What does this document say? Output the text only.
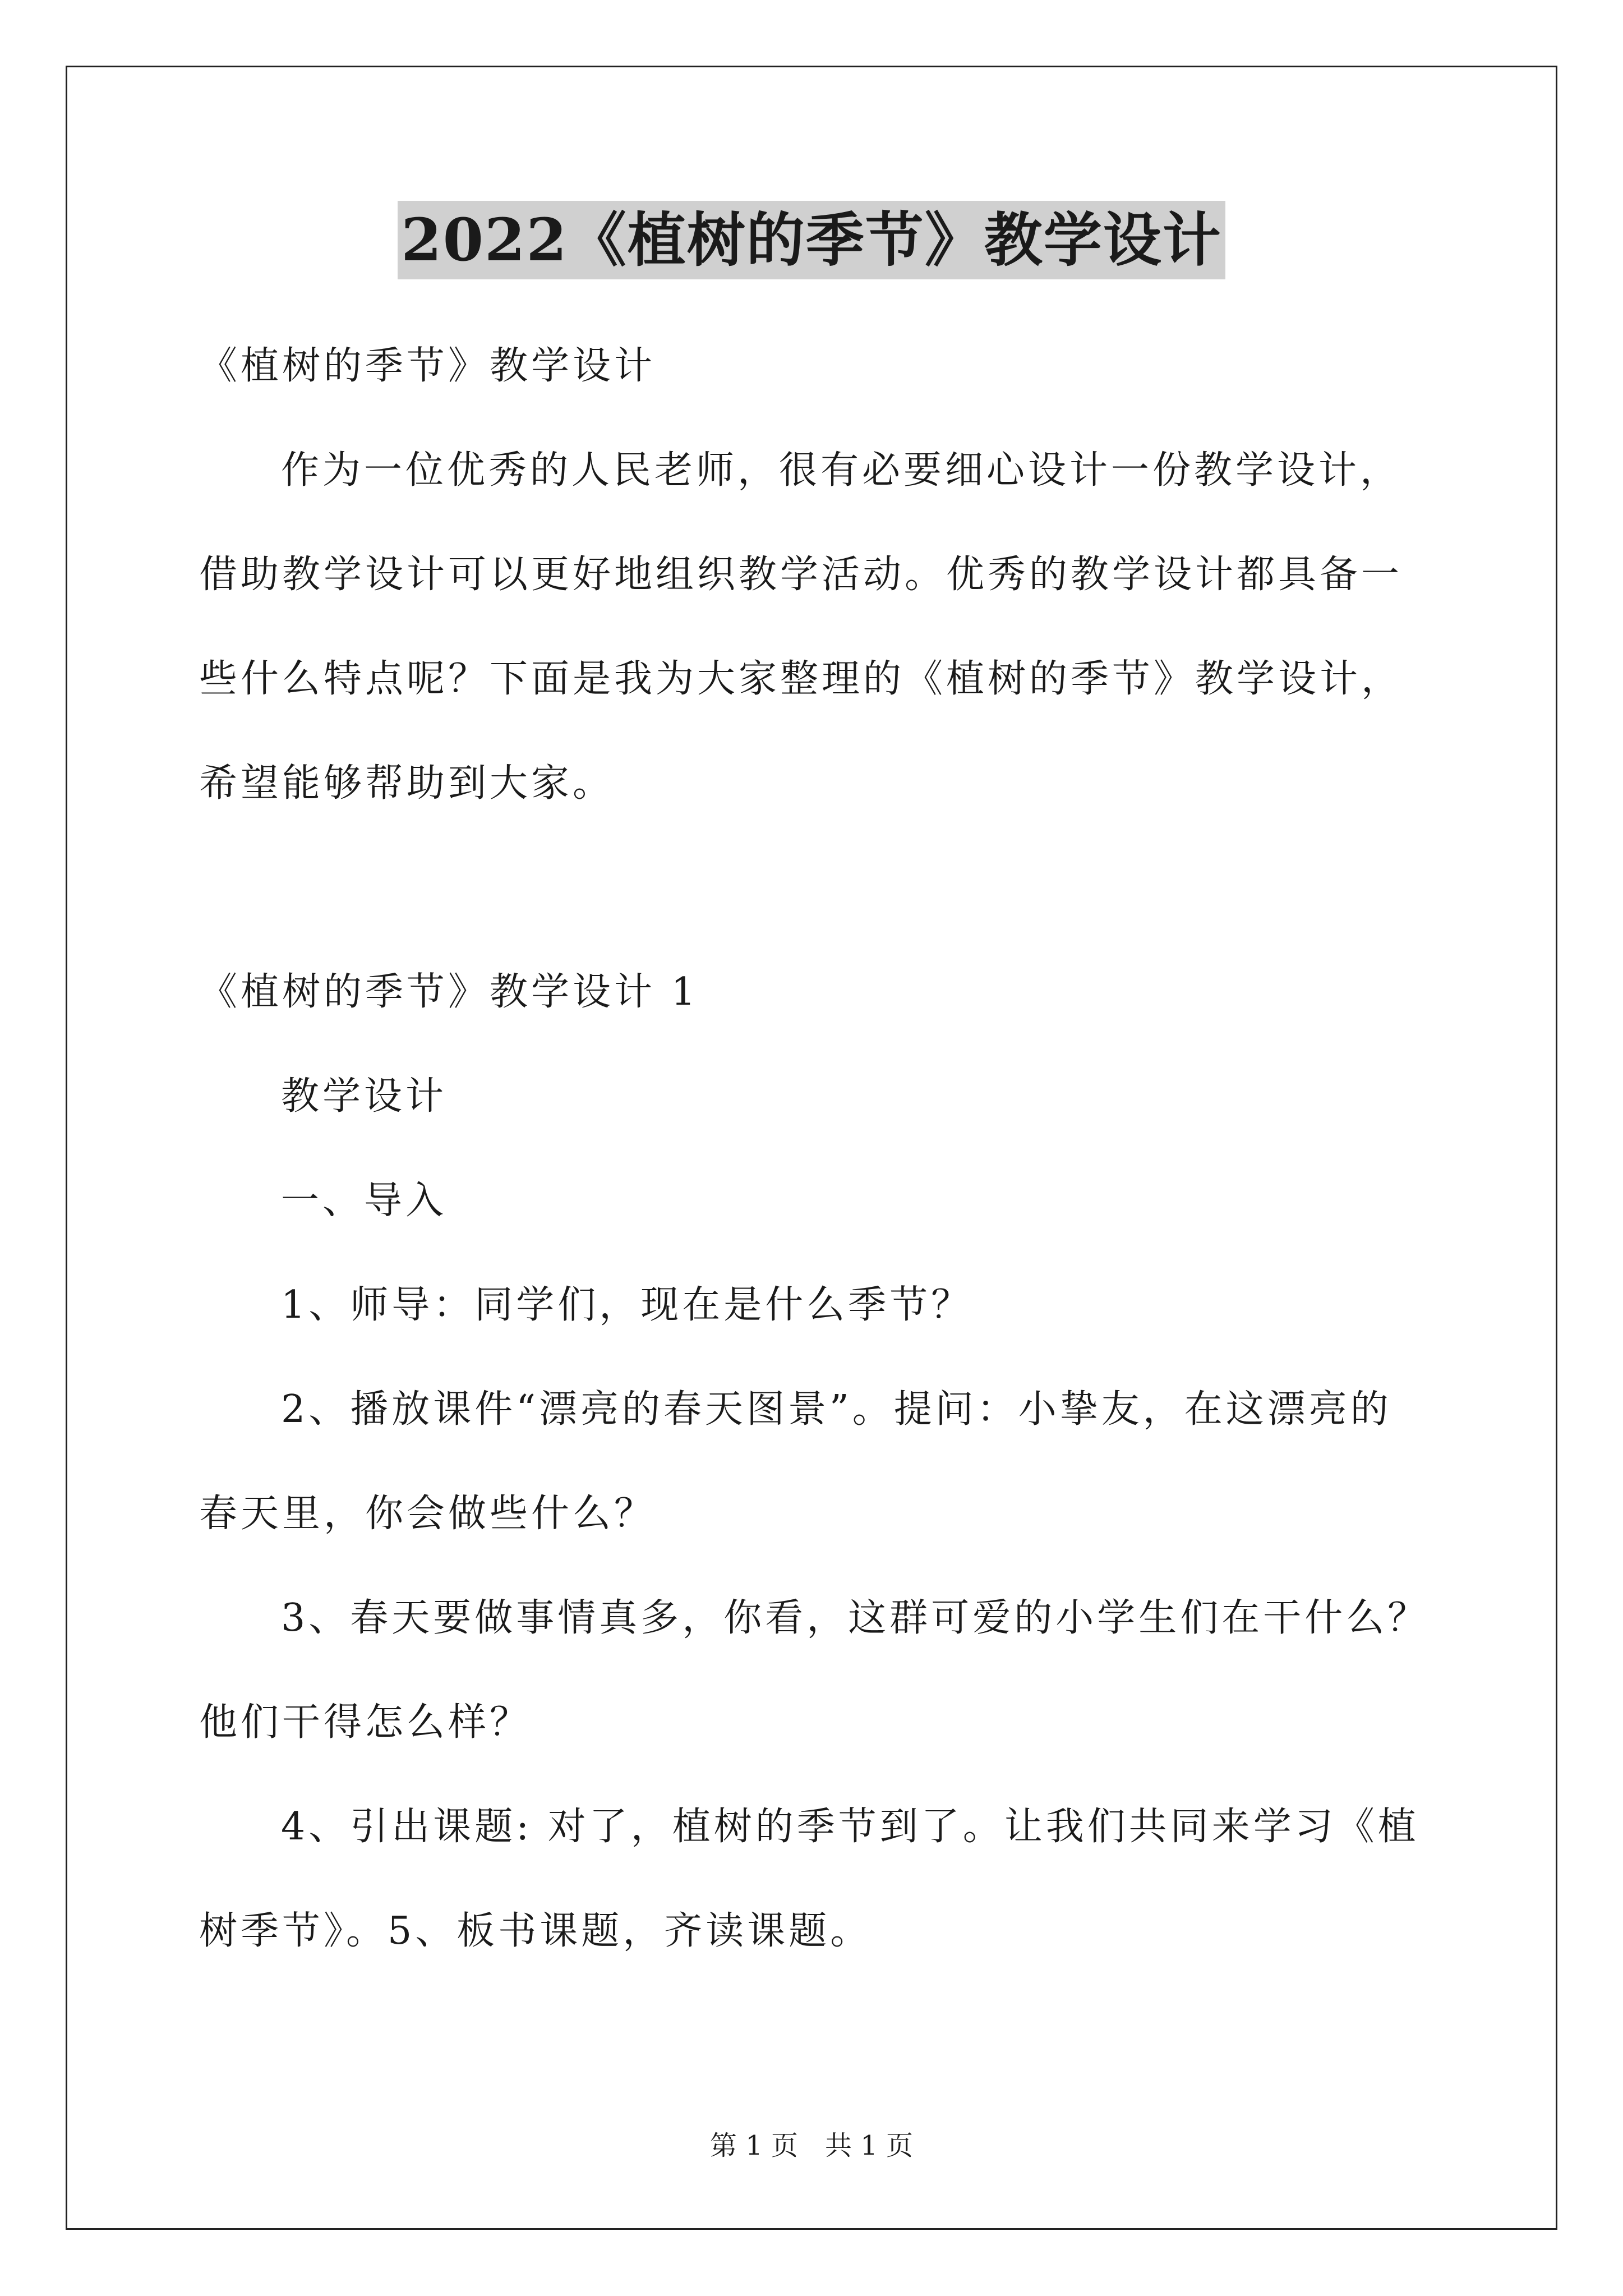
2022《植树的季节》教学设计

《植树的季节》教学设计

作为一位优秀的人民老师，很有必要细心设计一份教学设计，借助教学设计可以更好地组织教学活动。优秀的教学设计都具备一些什么特点呢？下面是我为大家整理的《植树的季节》教学设计，希望能够帮助到大家。

《植树的季节》教学设计 1

教学设计

一、导入

1、师导：同学们，现在是什么季节？

2、播放课件“漂亮的春天图景”。提问：小挚友，在这漂亮的春天里，你会做些什么？

3、春天要做事情真多，你看，这群可爱的小学生们在干什么？他们干得怎么样？

4、引出课题: 对了，植树的季节到了。让我们共同来学习《植树季节》。5、板书课题，齐读课题。

第 1 页　共 1 页
